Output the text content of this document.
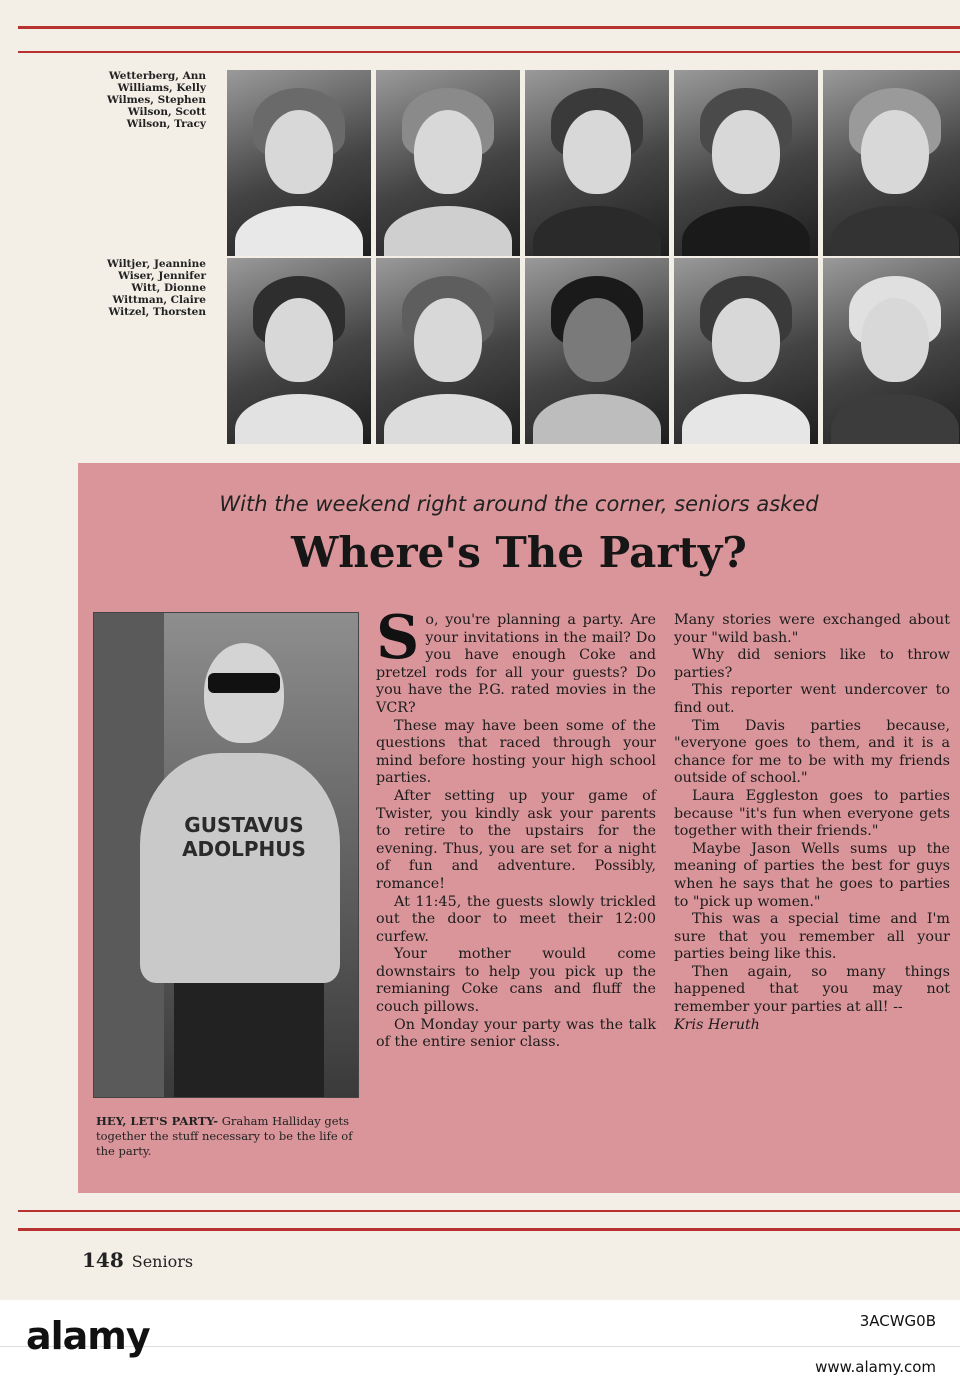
Wetterberg, Ann
Williams, Kelly
Wilmes, Stephen
Wilson, Scott
Wilson, Tracy
Wiltjer, Jeannine
Wiser, Jennifer
Witt, Dionne
Wittman, Claire
Witzel, Thorsten
With the weekend right around the corner, seniors asked
Where's The Party?
GUSTAVUS ADOLPHUS
HEY, LET'S PARTY- Graham Halliday gets together the stuff necessary to be the life of the party.

So, you're planning a party. Are your invitations in the mail? Do you have enough Coke and pretzel rods for all your guests? Do you have the P.G. rated movies in the VCR?

These may have been some of the questions that raced through your mind before hosting your high school parties.

After setting up your game of Twister, you kindly ask your parents to retire to the upstairs for the evening. Thus, you are set for a night of fun and adventure. Possibly, romance!

At 11:45, the guests slowly trickled out the door to meet their 12:00 curfew.

Your mother would come downstairs to help you pick up the remianing Coke cans and fluff the couch pillows.

On Monday your party was the talk of the entire senior class.

Many stories were exchanged about your "wild bash."

Why did seniors like to throw parties?

This reporter went undercover to find out.

Tim Davis parties because, "everyone goes to them, and it is a chance for me to be with my friends outside of school."

Laura Eggleston goes to parties because "it's fun when everyone gets together with their friends."

Maybe Jason Wells sums up the meaning of parties the best for guys when he says that he goes to parties to "pick up women."

This was a special time and I'm sure that you remember all your parties being like this.

Then again, so many things happened that you may not remember your parties at all! --

Kris Heruth

148 Seniors
alamy	3ACWG0B
www.alamy.com
